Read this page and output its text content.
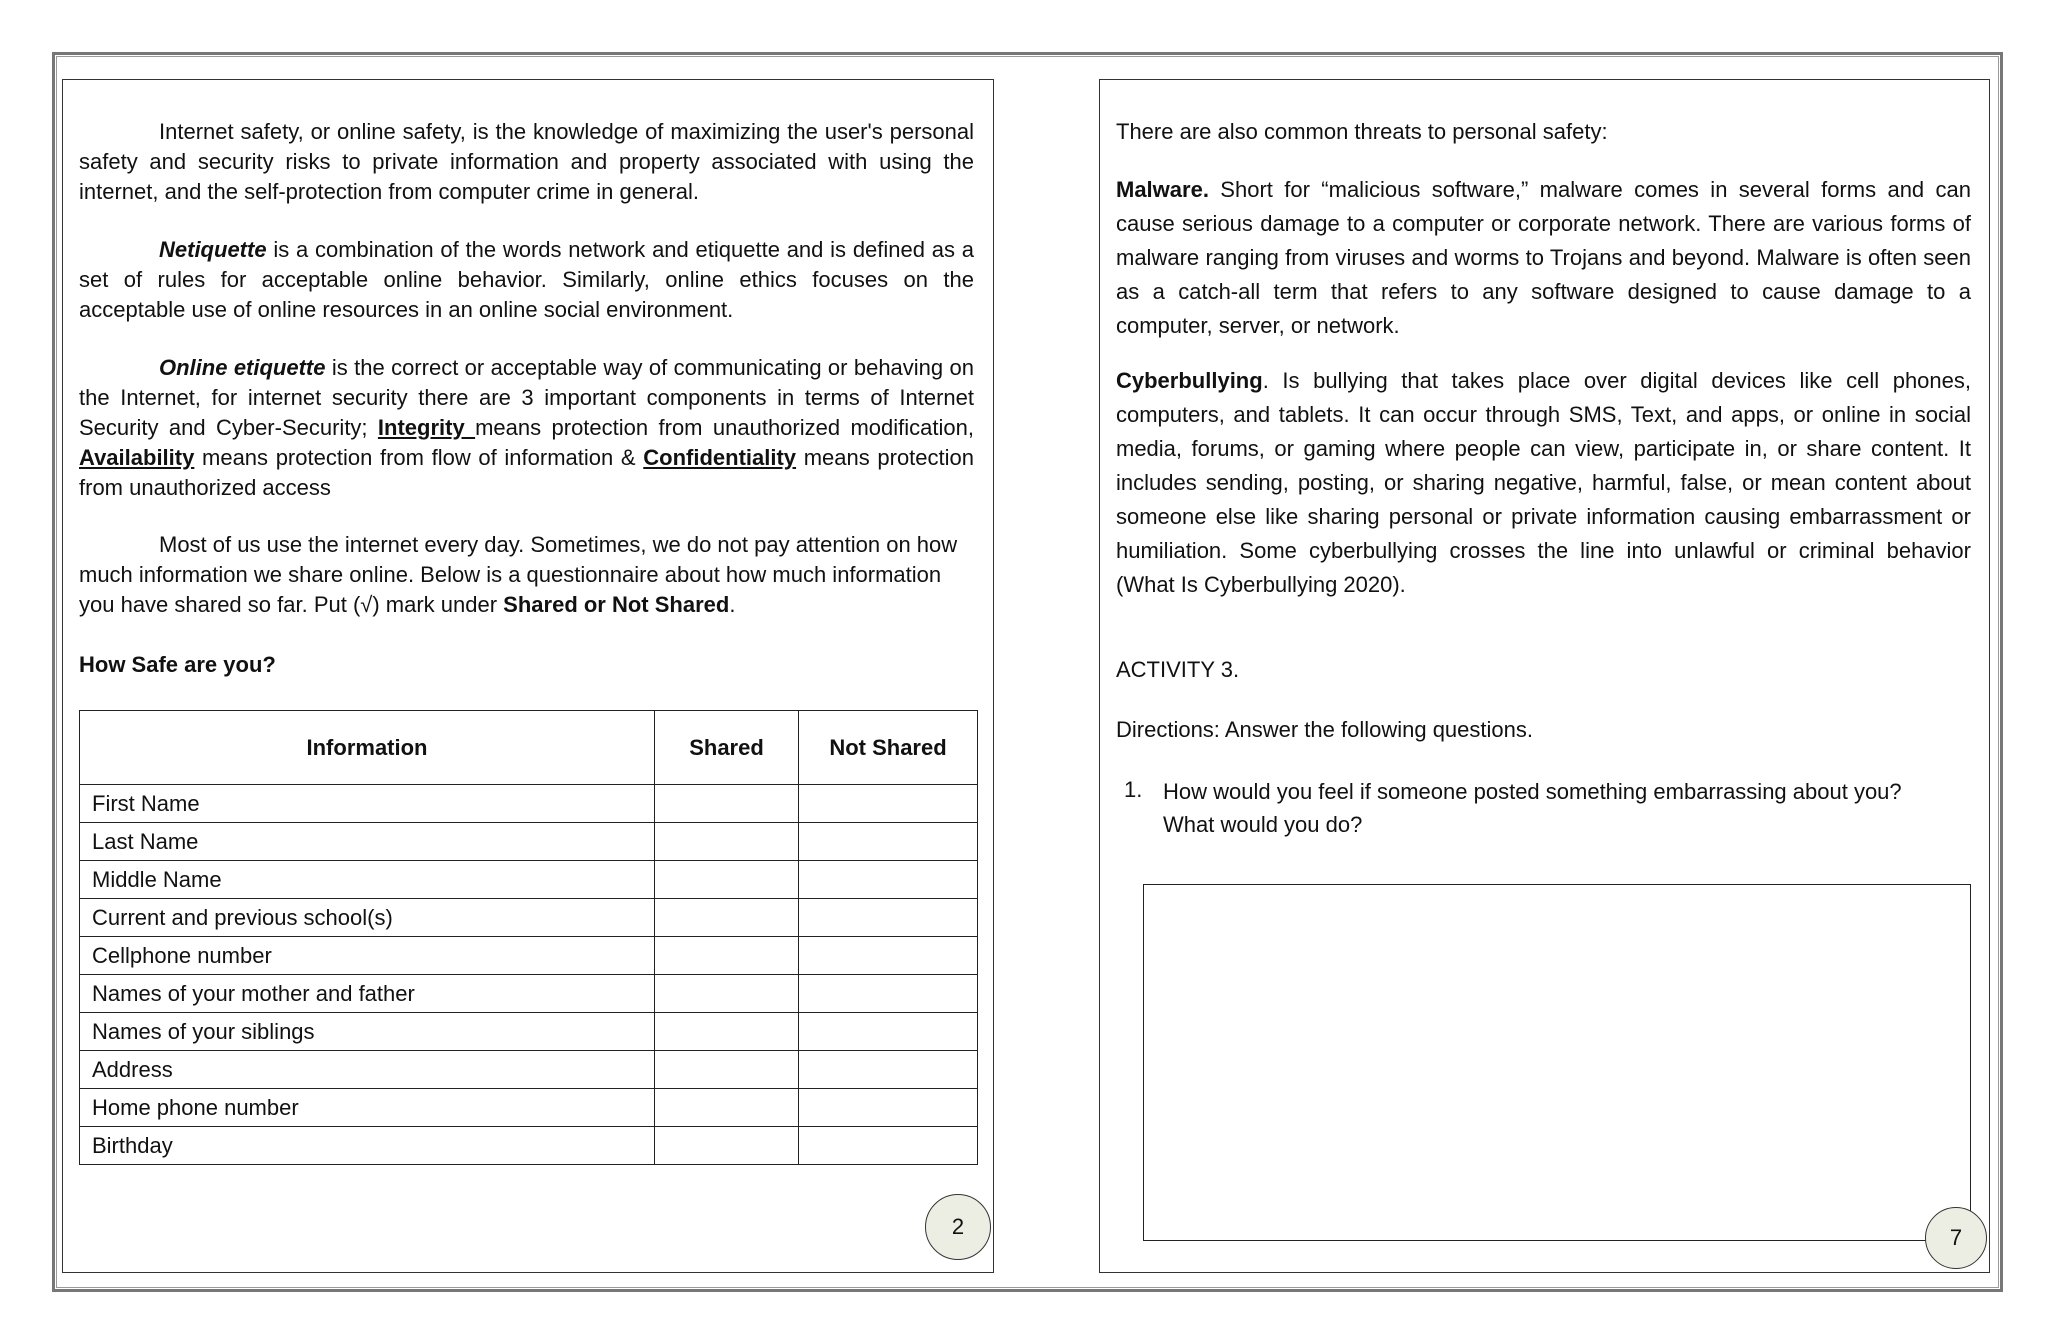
Internet safety, or online safety, is the knowledge of maximizing the user's personal safety and security risks to private information and property associated with using the internet, and the self-protection from computer crime in general.
Netiquette is a combination of the words network and etiquette and is defined as a set of rules for acceptable online behavior. Similarly, online ethics focuses on the acceptable use of online resources in an online social environment.
Online etiquette is the correct or acceptable way of communicating or behaving on the Internet, for internet security there are 3 important components in terms of Internet Security and Cyber-Security; Integrity means protection from unauthorized modification, Availability means protection from flow of information & Confidentiality means protection from unauthorized access
Most of us use the internet every day. Sometimes, we do not pay attention on how much information we share online. Below is a questionnaire about how much information you have shared so far. Put (√) mark under Shared or Not Shared.
How Safe are you?
Information	Shared	Not Shared
First Name		
Last Name		
Middle Name		
Current and previous school(s)		
Cellphone number		
Names of your mother and father		
Names of your siblings		
Address		
Home phone number		
Birthday		
2
There are also common threats to personal safety:
Malware. Short for “malicious software,” malware comes in several forms and can cause serious damage to a computer or corporate network. There are various forms of malware ranging from viruses and worms to Trojans and beyond. Malware is often seen as a catch-all term that refers to any software designed to cause damage to a computer, server, or network.
Cyberbullying. Is bullying that takes place over digital devices like cell phones, computers, and tablets. It can occur through SMS, Text, and apps, or online in social media, forums, or gaming where people can view, participate in, or share content. It includes sending, posting, or sharing negative, harmful, false, or mean content about someone else like sharing personal or private information causing embarrassment or humiliation. Some cyberbullying crosses the line into unlawful or criminal behavior (What Is Cyberbullying 2020).
ACTIVITY 3.
Directions: Answer the following questions.
1. How would you feel if someone posted something embarrassing about you?
What would you do?
7
